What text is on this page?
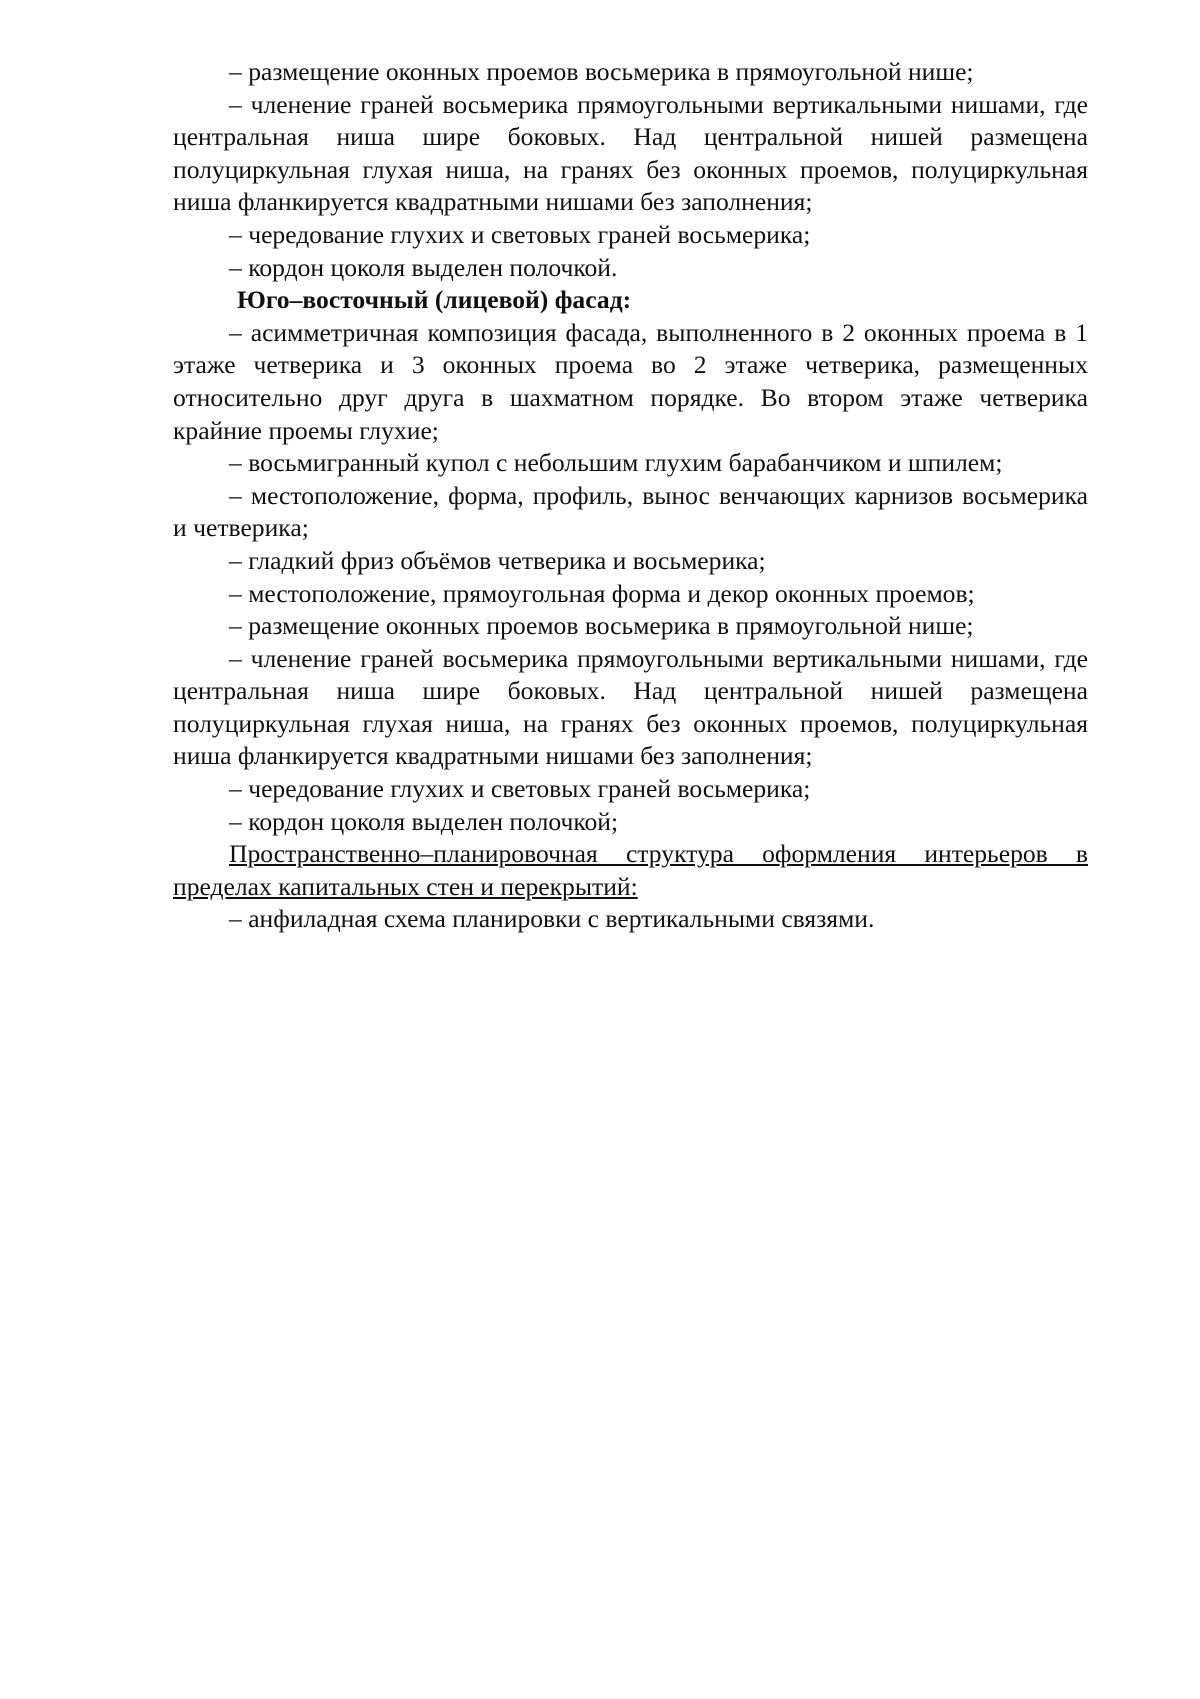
– размещение оконных проемов восьмерика в прямоугольной нише;

– членение граней восьмерика прямоугольными вертикальными нишами, где центральная ниша шире боковых. Над центральной нишей размещена полуциркульная глухая ниша, на гранях без оконных проемов, полуциркульная ниша фланкируется квадратными нишами без заполнения;

– чередование глухих и световых граней восьмерика;

– кордон цоколя выделен полочкой.

Юго–восточный (лицевой) фасад:

– асимметричная композиция фасада, выполненного в 2 оконных проема в 1 этаже четверика и 3 оконных проема во 2 этаже четверика, размещенных относительно друг друга в шахматном порядке. Во втором этаже четверика крайние проемы глухие;

– восьмигранный купол с небольшим глухим барабанчиком и шпилем;

– местоположение, форма, профиль, вынос венчающих карнизов восьмерика и четверика;

– гладкий фриз объёмов четверика и восьмерика;

– местоположение, прямоугольная форма и декор оконных проемов;

– размещение оконных проемов восьмерика в прямоугольной нише;

– членение граней восьмерика прямоугольными вертикальными нишами, где центральная ниша шире боковых. Над центральной нишей размещена полуциркульная глухая ниша, на гранях без оконных проемов, полуциркульная ниша фланкируется квадратными нишами без заполнения;

– чередование глухих и световых граней восьмерика;

– кордон цоколя выделен полочкой;

Пространственно–планировочная структура оформления интерьеров в пределах капитальных стен и перекрытий:

– анфиладная схема планировки с вертикальными связями.
